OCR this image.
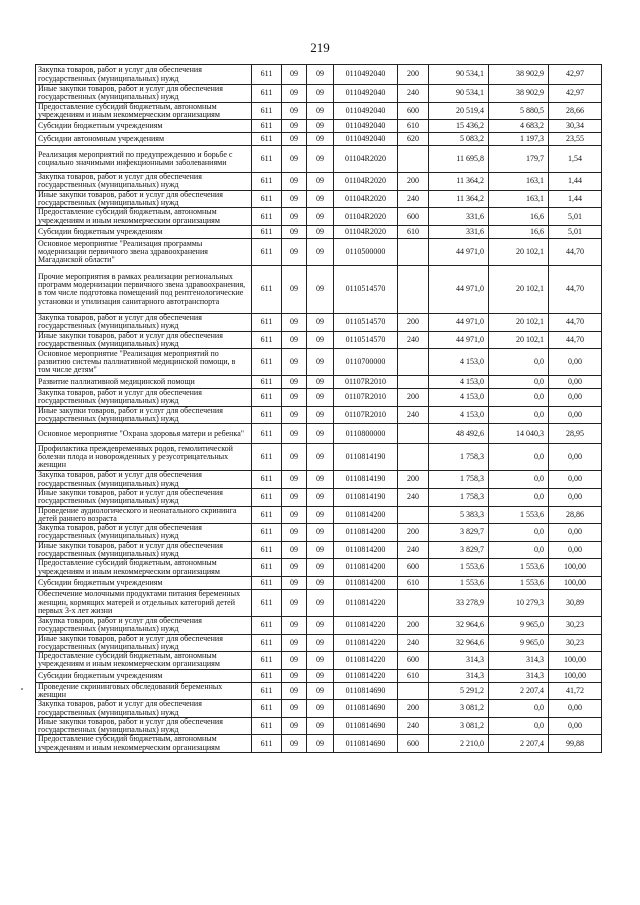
219
Закупка товаров, работ и услуг для обеспечения государственных (муниципальных) нужд	611	09	09	0110492040	200	90 534,1	38 902,9	42,97
Иные закупки товаров, работ и услуг для обеспечения государственных (муниципальных) нужд	611	09	09	0110492040	240	90 534,1	38 902,9	42,97
Предоставление субсидий бюджетным, автономным учреждениям и иным некоммерческим организациям	611	09	09	0110492040	600	20 519,4	5 880,5	28,66
Субсидии бюджетным учреждениям	611	09	09	0110492040	610	15 436,2	4 683,2	30,34
Субсидии автономным учреждениям	611	09	09	0110492040	620	5 083,2	1 197,3	23,55
Реализация мероприятий по предупреждению и борьбе с социально значимыми инфекционными заболеваниями	611	09	09	01104R2020		11 695,8	179,7	1,54
Закупка товаров, работ и услуг для обеспечения государственных (муниципальных) нужд	611	09	09	01104R2020	200	11 364,2	163,1	1,44
Иные закупки товаров, работ и услуг для обеспечения государственных (муниципальных) нужд	611	09	09	01104R2020	240	11 364,2	163,1	1,44
Предоставление субсидий бюджетным, автономным учреждениям и иным некоммерческим организациям	611	09	09	01104R2020	600	331,6	16,6	5,01
Субсидии бюджетным учреждениям	611	09	09	01104R2020	610	331,6	16,6	5,01
Основное мероприятие "Реализация программы модернизации первичного звена здравоохранения Магаданской области"	611	09	09	0110500000		44 971,0	20 102,1	44,70
Прочие мероприятия в рамках реализации региональных программ модернизации первичного звена здравоохранения, в том числе подготовка помещений под рентгенологические установки и утилизация санитарного автотранспорта	611	09	09	0110514570		44 971,0	20 102,1	44,70
Закупка товаров, работ и услуг для обеспечения государственных (муниципальных) нужд	611	09	09	0110514570	200	44 971,0	20 102,1	44,70
Иные закупки товаров, работ и услуг для обеспечения государственных (муниципальных) нужд	611	09	09	0110514570	240	44 971,0	20 102,1	44,70
Основное мероприятие "Реализация мероприятий по развитию системы паллиативной медицинской помощи, в том числе детям"	611	09	09	0110700000		4 153,0	0,0	0,00
Развитие паллиативной медицинской помощи	611	09	09	01107R2010		4 153,0	0,0	0,00
Закупка товаров, работ и услуг для обеспечения государственных (муниципальных) нужд	611	09	09	01107R2010	200	4 153,0	0,0	0,00
Иные закупки товаров, работ и услуг для обеспечения государственных (муниципальных) нужд	611	09	09	01107R2010	240	4 153,0	0,0	0,00
Основное мероприятие "Охрана здоровья матери и ребенка"	611	09	09	0110800000		48 492,6	14 040,3	28,95
Профилактика преждевременных родов, гемолитической болезни плода и новорожденных у резусотрицательных женщин	611	09	09	0110814190		1 758,3	0,0	0,00
Закупка товаров, работ и услуг для обеспечения государственных (муниципальных) нужд	611	09	09	0110814190	200	1 758,3	0,0	0,00
Иные закупки товаров, работ и услуг для обеспечения государственных (муниципальных) нужд	611	09	09	0110814190	240	1 758,3	0,0	0,00
Проведение аудиологического и неонатального скрининга детей раннего возраста	611	09	09	0110814200		5 383,3	1 553,6	28,86
Закупка товаров, работ и услуг для обеспечения государственных (муниципальных) нужд	611	09	09	0110814200	200	3 829,7	0,0	0,00
Иные закупки товаров, работ и услуг для обеспечения государственных (муниципальных) нужд	611	09	09	0110814200	240	3 829,7	0,0	0,00
Предоставление субсидий бюджетным, автономным учреждениям и иным некоммерческим организациям	611	09	09	0110814200	600	1 553,6	1 553,6	100,00
Субсидии бюджетным учреждениям	611	09	09	0110814200	610	1 553,6	1 553,6	100,00
Обеспечение молочными продуктами питания беременных женщин, кормящих матерей и отдельных категорий детей первых 3-х лет жизни	611	09	09	0110814220		33 278,9	10 279,3	30,89
Закупка товаров, работ и услуг для обеспечения государственных (муниципальных) нужд	611	09	09	0110814220	200	32 964,6	9 965,0	30,23
Иные закупки товаров, работ и услуг для обеспечения государственных (муниципальных) нужд	611	09	09	0110814220	240	32 964,6	9 965,0	30,23
Предоставление субсидий бюджетным, автономным учреждениям и иным некоммерческим организациям	611	09	09	0110814220	600	314,3	314,3	100,00
Субсидии бюджетным учреждениям	611	09	09	0110814220	610	314,3	314,3	100,00
Проведение скрининговых обследований беременных женщин	611	09	09	0110814690		5 291,2	2 207,4	41,72
Закупка товаров, работ и услуг для обеспечения государственных (муниципальных) нужд	611	09	09	0110814690	200	3 081,2	0,0	0,00
Иные закупки товаров, работ и услуг для обеспечения государственных (муниципальных) нужд	611	09	09	0110814690	240	3 081,2	0,0	0,00
Предоставление субсидий бюджетным, автономным учреждениям и иным некоммерческим организациям	611	09	09	0110814690	600	2 210,0	2 207,4	99,88
